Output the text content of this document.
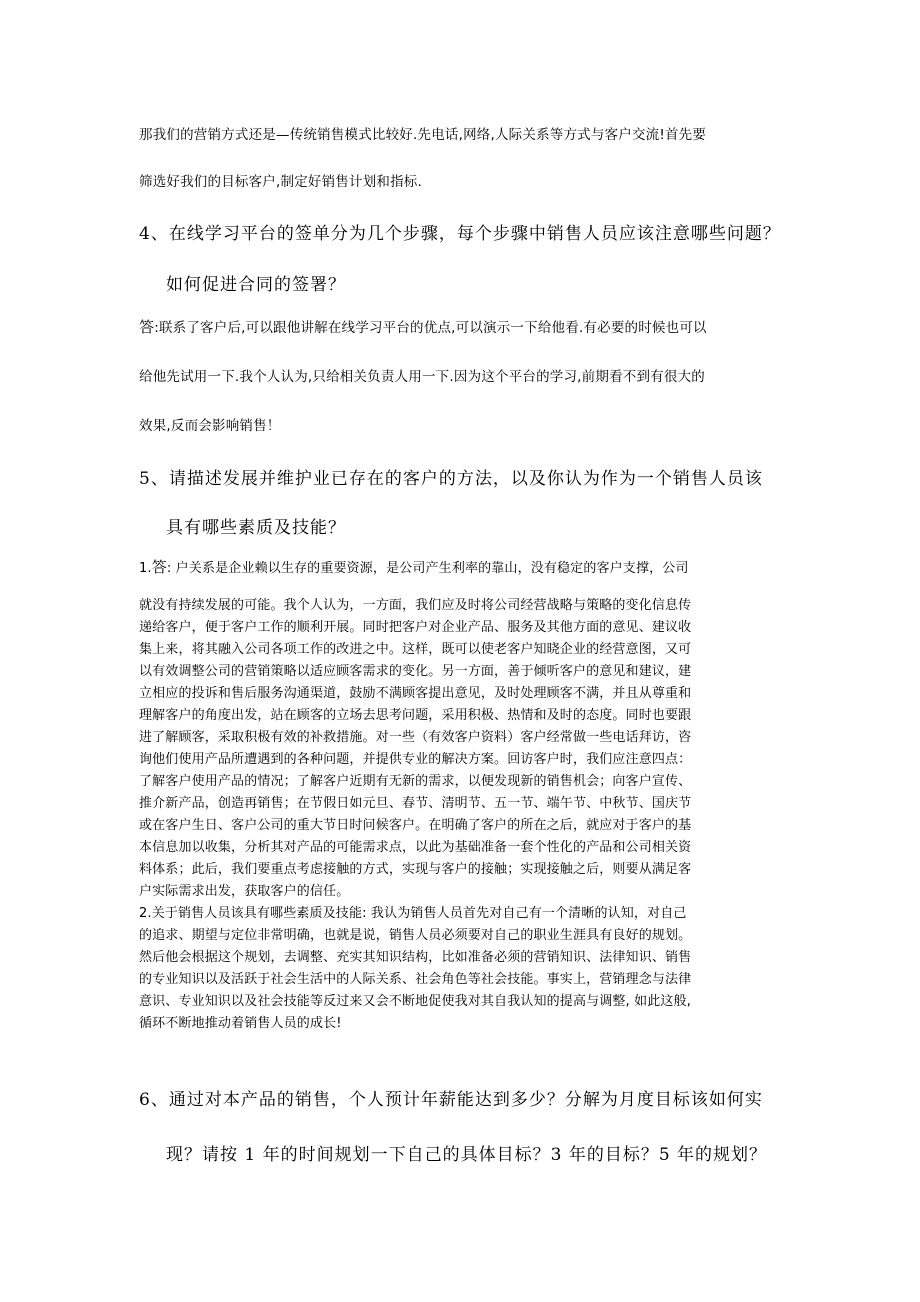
那我们的营销方式还是—传统销售模式比较好.先电话,网络,人际关系等方式与客户交流!首先要
筛选好我们的目标客户,制定好销售计划和指标.
4、在线学习平台的签单分为几个步骤，每个步骤中销售人员应该注意哪些问题？
如何促进合同的签署？
答:联系了客户后,可以跟他讲解在线学习平台的优点,可以演示一下给他看.有必要的时候也可以
给他先试用一下.我个人认为,只给相关负责人用一下.因为这个平台的学习,前期看不到有很大的
效果,反而会影响销售！
5、请描述发展并维护业已存在的客户的方法，以及你认为作为一个销售人员该
具有哪些素质及技能？
1.答: 户关系是企业赖以生存的重要资源，是公司产生利率的靠山，没有稳定的客户支撑，公司
就没有持续发展的可能。我个人认为，一方面，我们应及时将公司经营战略与策略的变化信息传
递给客户，便于客户工作的顺利开展。同时把客户对企业产品、服务及其他方面的意见、建议收
集上来，将其融入公司各项工作的改进之中。这样，既可以使老客户知晓企业的经营意图，又可
以有效调整公司的营销策略以适应顾客需求的变化。另一方面，善于倾听客户的意见和建议，建
立相应的投诉和售后服务沟通渠道，鼓励不满顾客提出意见，及时处理顾客不满，并且从尊重和
理解客户的角度出发，站在顾客的立场去思考问题，采用积极、热情和及时的态度。同时也要跟
进了解顾客，采取积极有效的补救措施。对一些（有效客户资料）客户经常做一些电话拜访，咨
询他们使用产品所遭遇到的各种问题，并提供专业的解决方案。回访客户时，我们应注意四点：
了解客户使用产品的情况；了解客户近期有无新的需求，以便发现新的销售机会；向客户宣传、
推介新产品，创造再销售；在节假日如元旦、春节、清明节、五一节、端午节、中秋节、国庆节
或在客户生日、客户公司的重大节日时问候客户。在明确了客户的所在之后，就应对于客户的基
本信息加以收集，分析其对产品的可能需求点，以此为基础准备一套个性化的产品和公司相关资
料体系；此后，我们要重点考虑接触的方式，实现与客户的接触；实现接触之后，则要从满足客
户实际需求出发，获取客户的信任。
2.关于销售人员该具有哪些素质及技能: 我认为销售人员首先对自己有一个清晰的认知，对自己
的追求、期望与定位非常明确，也就是说，销售人员必须要对自己的职业生涯具有良好的规划。
然后他会根据这个规划，去调整、充实其知识结构，比如准备必须的营销知识、法律知识、销售
的专业知识以及活跃于社会生活中的人际关系、社会角色等社会技能。事实上，营销理念与法律
意识、专业知识以及社会技能等反过来又会不断地促使我对其自我认知的提高与调整, 如此这般,
循环不断地推动着销售人员的成长!
6、通过对本产品的销售，个人预计年薪能达到多少？分解为月度目标该如何实
现？请按 1 年的时间规划一下自己的具体目标？3 年的目标？5 年的规划？
